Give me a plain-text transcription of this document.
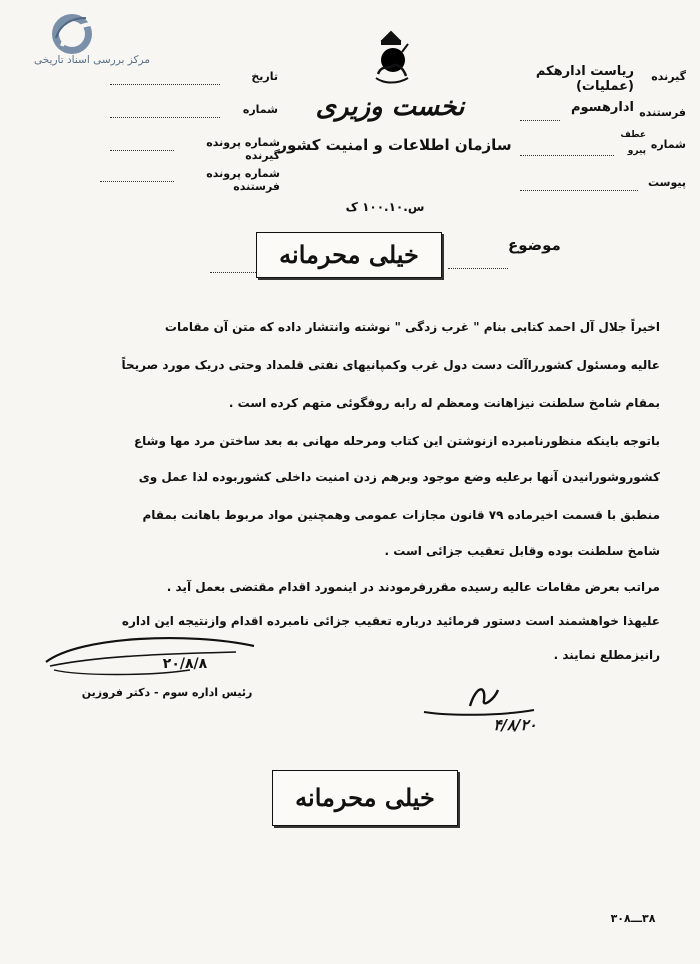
مرکز بررسی اسناد تاریخی
نخست وزیری
سازمان اطلاعات و امنیت کشور
س.۱۰۰.۱۰ ک
تاریخ
شماره
شماره پرونده گیرنده
شماره پرونده فرستنده
گیرنده
ریاست ادارهکم (عملیات)
فرستنده
ادارهسوم
شماره
عطف
پیرو
پیوست
خیلی محرمانه	موضوع
اخیراً جلال آل احمد کتابی بنام " غرب زدگی " نوشته وانتشار داده که متن آن مقامات
عالیه ومسئول کشورراآلت دست دول غرب وکمپانیهای نفتی قلمداد وحتی دریک مورد صریحاً
بمقام شامخ سلطنت نیزاهانت ومعظم له رابه روفگوئی متهم کرده است .
باتوجه باینکه منظورنامبرده ازنوشتن این کتاب ومرحله مهانی به بعد ساختن مرد مها وشاع
کشوروشورانیدن آنها برعلیه وضع موجود وبرهم زدن امنیت داخلی کشوربوده لذا عمل وی
منطبق با قسمت اخیرماده ۷۹ قانون مجازات عمومی وهمچنین مواد مربوط باهانت بمقام
شامخ سلطنت بوده وقابل تعقیب جزائی است .
مراتب بعرض مقامات عالیه رسیده مقررفرمودند در اینمورد اقدام مقتضی بعمل آید .
علیهذا خواهشمند است دستور فرمائید درباره تعقیب جزائی نامبرده اقدام وازنتیجه این اداره
رانیزمطلع نمایند .
۲۰/۸/۸
رئیس اداره سوم - دکتر فروزین
۴/۸/۲۰
خیلی محرمانه
۳۸ـــ۳۰۸
